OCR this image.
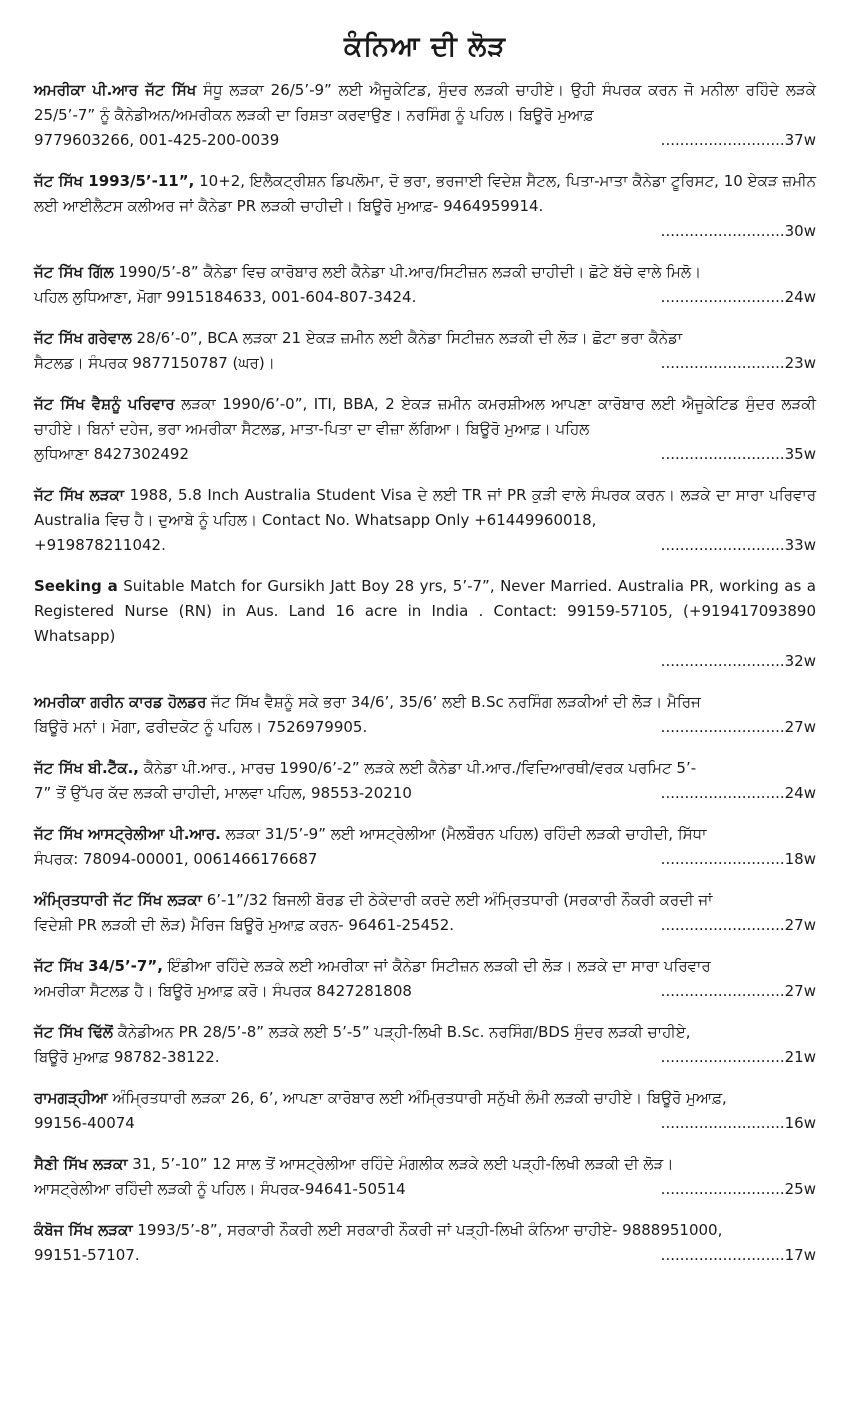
ਕੰਨਿਆ ਦੀ ਲੋੜ
ਅਮਰੀਕਾ ਪੀ.ਆਰ ਜੱਟ ਸਿੱਖ ਸੰਧੂ ਲੜਕਾ 26/5’-9” ਲਈ ਐਜੂਕੇਟਿਡ, ਸੁੰਦਰ ਲੜਕੀ ਚਾਹੀਏ। ਉਹੀ ਸੰਪਰਕ ਕਰਨ ਜੋ ਮਨੀਲਾ ਰਹਿੰਦੇ ਲੜਕੇ 25/5’-7” ਨੂੰ ਕੈਨੇਡੀਅਨ/ਅਮਰੀਕਨ ਲੜਕੀ ਦਾ ਰਿਸ਼ਤਾ ਕਰਵਾਉਣ। ਨਰਸਿੰਗ ਨੂੰ ਪਹਿਲ। ਬਿਊਰੋ ਮੁਆਫ਼
9779603266, 001-425-200-0039	..........................37w
ਜੱਟ ਸਿੱਖ 1993/5’-11”, 10+2, ਇਲੈਕਟ੍ਰੀਸ਼ਨ ਡਿਪਲੋਮਾ, ਦੋ ਭਰਾ, ਭਰਜਾਈ ਵਿਦੇਸ਼ ਸੈਟਲ, ਪਿਤਾ-ਮਾਤਾ ਕੈਨੇਡਾ ਟੂਰਿਸਟ, 10 ਏਕੜ ਜ਼ਮੀਨ ਲਈ ਆਈਲੈਟਸ ਕਲੀਅਰ ਜਾਂ ਕੈਨੇਡਾ PR ਲੜਕੀ ਚਾਹੀਦੀ। ਬਿਊਰੋ ਮੁਆਫ਼- 9464959914.
..........................30w
ਜੱਟ ਸਿੱਖ ਗਿੱਲ 1990/5’-8” ਕੈਨੇਡਾ ਵਿਚ ਕਾਰੋਬਾਰ ਲਈ ਕੈਨੇਡਾ ਪੀ.ਆਰ/ਸਿਟੀਜ਼ਨ ਲੜਕੀ ਚਾਹੀਦੀ। ਛੋਟੇ ਬੱਚੇ ਵਾਲੇ ਮਿਲੋ।
ਪਹਿਲ ਲੁਧਿਆਣਾ, ਮੋਗਾ 9915184633, 001-604-807-3424.	..........................24w
ਜੱਟ ਸਿੱਖ ਗਰੇਵਾਲ 28/6’-0”, BCA ਲੜਕਾ 21 ਏਕੜ ਜ਼ਮੀਨ ਲਈ ਕੈਨੇਡਾ ਸਿਟੀਜ਼ਨ ਲੜਕੀ ਦੀ ਲੋੜ। ਛੋਟਾ ਭਰਾ ਕੈਨੇਡਾ
ਸੈਟਲਡ। ਸੰਪਰਕ 9877150787 (ਘਰ)।	..........................23w
ਜੱਟ ਸਿੱਖ ਵੈਸ਼ਨੂੰ ਪਰਿਵਾਰ ਲੜਕਾ 1990/6’-0”, ITI, BBA, 2 ਏਕੜ ਜ਼ਮੀਨ ਕਮਰਸ਼ੀਅਲ ਆਪਣਾ ਕਾਰੋਬਾਰ ਲਈ ਐਜੂਕੇਟਿਡ ਸੁੰਦਰ ਲੜਕੀ ਚਾਹੀਏ। ਬਿਨਾਂ ਦਹੇਜ, ਭਰਾ ਅਮਰੀਕਾ ਸੈਟਲਡ, ਮਾਤਾ-ਪਿਤਾ ਦਾ ਵੀਜ਼ਾ ਲੱਗਿਆ। ਬਿਊਰੋ ਮੁਆਫ਼। ਪਹਿਲ
ਲੁਧਿਆਣਾ 8427302492	..........................35w
ਜੱਟ ਸਿੱਖ ਲੜਕਾ 1988, 5.8 Inch Australia Student Visa ਦੇ ਲਈ TR ਜਾਂ PR ਕੁੜੀ ਵਾਲੇ ਸੰਪਰਕ ਕਰਨ। ਲੜਕੇ ਦਾ ਸਾਰਾ ਪਰਿਵਾਰ Australia ਵਿਚ ਹੈ। ਦੁਆਬੇ ਨੂੰ ਪਹਿਲ। Contact No. Whatsapp Only +61449960018,
+919878211042.	..........................33w
Seeking a Suitable Match for Gursikh Jatt Boy 28 yrs, 5’-7”, Never Married. Australia PR, working as a Registered Nurse (RN) in Aus. Land 16 acre in India . Contact: 99159-57105, (+919417093890 Whatsapp)
..........................32w
ਅਮਰੀਕਾ ਗਰੀਨ ਕਾਰਡ ਹੋਲਡਰ ਜੱਟ ਸਿੱਖ ਵੈਸ਼ਨੂੰ ਸਕੇ ਭਰਾ 34/6’, 35/6’ ਲਈ B.Sc ਨਰਸਿੰਗ ਲੜਕੀਆਂ ਦੀ ਲੋੜ। ਮੈਰਿਜ
ਬਿਊਰੋ ਮਨਾਂ। ਮੋਗਾ, ਫਰੀਦਕੋਟ ਨੂੰ ਪਹਿਲ। 7526979905.	..........................27w
ਜੱਟ ਸਿੱਖ ਬੀ.ਟੈੱਕ., ਕੈਨੇਡਾ ਪੀ.ਆਰ., ਮਾਰਚ 1990/6’-2” ਲੜਕੇ ਲਈ ਕੈਨੇਡਾ ਪੀ.ਆਰ./ਵਿਦਿਆਰਥੀ/ਵਰਕ ਪਰਮਿਟ 5’-
7” ਤੋਂ ਉੱਪਰ ਕੱਦ ਲੜਕੀ ਚਾਹੀਦੀ, ਮਾਲਵਾ ਪਹਿਲ, 98553-20210	..........................24w
ਜੱਟ ਸਿੱਖ ਆਸਟ੍ਰੇਲੀਆ ਪੀ.ਆਰ. ਲੜਕਾ 31/5’-9” ਲਈ ਆਸਟ੍ਰੇਲੀਆ (ਮੈਲਬੌਰਨ ਪਹਿਲ) ਰਹਿੰਦੀ ਲੜਕੀ ਚਾਹੀਦੀ, ਸਿੱਧਾ
ਸੰਪਰਕ: 78094-00001, 0061466176687	..........................18w
ਅੰਮ੍ਰਿਤਧਾਰੀ ਜੱਟ ਸਿੱਖ ਲੜਕਾ 6’-1”/32 ਬਿਜਲੀ ਬੋਰਡ ਦੀ ਠੇਕੇਦਾਰੀ ਕਰਦੇ ਲਈ ਅੰਮ੍ਰਿਤਧਾਰੀ (ਸਰਕਾਰੀ ਨੌਕਰੀ ਕਰਦੀ ਜਾਂ
ਵਿਦੇਸ਼ੀ PR ਲੜਕੀ ਦੀ ਲੋੜ) ਮੈਰਿਜ ਬਿਊਰੋ ਮੁਆਫ਼ ਕਰਨ- 96461-25452.	..........................27w
ਜੱਟ ਸਿੱਖ 34/5’-7”, ਇੰਡੀਆ ਰਹਿੰਦੇ ਲੜਕੇ ਲਈ ਅਮਰੀਕਾ ਜਾਂ ਕੈਨੇਡਾ ਸਿਟੀਜ਼ਨ ਲੜਕੀ ਦੀ ਲੋੜ। ਲੜਕੇ ਦਾ ਸਾਰਾ ਪਰਿਵਾਰ
ਅਮਰੀਕਾ ਸੈਟਲਡ ਹੈ। ਬਿਊਰੋ ਮੁਆਫ਼ ਕਰੋ। ਸੰਪਰਕ 8427281808	..........................27w
ਜੱਟ ਸਿੱਖ ਢਿੱਲੋਂ ਕੈਨੇਡੀਅਨ PR 28/5’-8” ਲੜਕੇ ਲਈ 5’-5” ਪੜ੍ਹੀ-ਲਿਖੀ B.Sc. ਨਰਸਿੰਗ/BDS ਸੁੰਦਰ ਲੜਕੀ ਚਾਹੀਏ,
ਬਿਊਰੋ ਮੁਆਫ਼ 98782-38122.	..........................21w
ਰਾਮਗੜ੍ਹੀਆ ਅੰਮ੍ਰਿਤਧਾਰੀ ਲੜਕਾ 26, 6’, ਆਪਣਾ ਕਾਰੋਬਾਰ ਲਈ ਅੰਮ੍ਰਿਤਧਾਰੀ ਸਨੁੱਖੀ ਲੰਮੀ ਲੜਕੀ ਚਾਹੀਏ। ਬਿਊਰੋ ਮੁਆਫ਼,
99156-40074	..........................16w
ਸੈਣੀ ਸਿੱਖ ਲੜਕਾ 31, 5’-10” 12 ਸਾਲ ਤੋਂ ਆਸਟ੍ਰੇਲੀਆ ਰਹਿੰਦੇ ਮੰਗਲੀਕ ਲੜਕੇ ਲਈ ਪੜ੍ਹੀ-ਲਿਖੀ ਲੜਕੀ ਦੀ ਲੋੜ।
ਆਸਟ੍ਰੇਲੀਆ ਰਹਿੰਦੀ ਲੜਕੀ ਨੂੰ ਪਹਿਲ। ਸੰਪਰਕ-94641-50514	..........................25w
ਕੰਬੋਜ ਸਿੱਖ ਲੜਕਾ 1993/5’-8”, ਸਰਕਾਰੀ ਨੌਕਰੀ ਲਈ ਸਰਕਾਰੀ ਨੌਕਰੀ ਜਾਂ ਪੜ੍ਹੀ-ਲਿਖੀ ਕੰਨਿਆ ਚਾਹੀਏ- 9888951000,
99151-57107.	..........................17w
